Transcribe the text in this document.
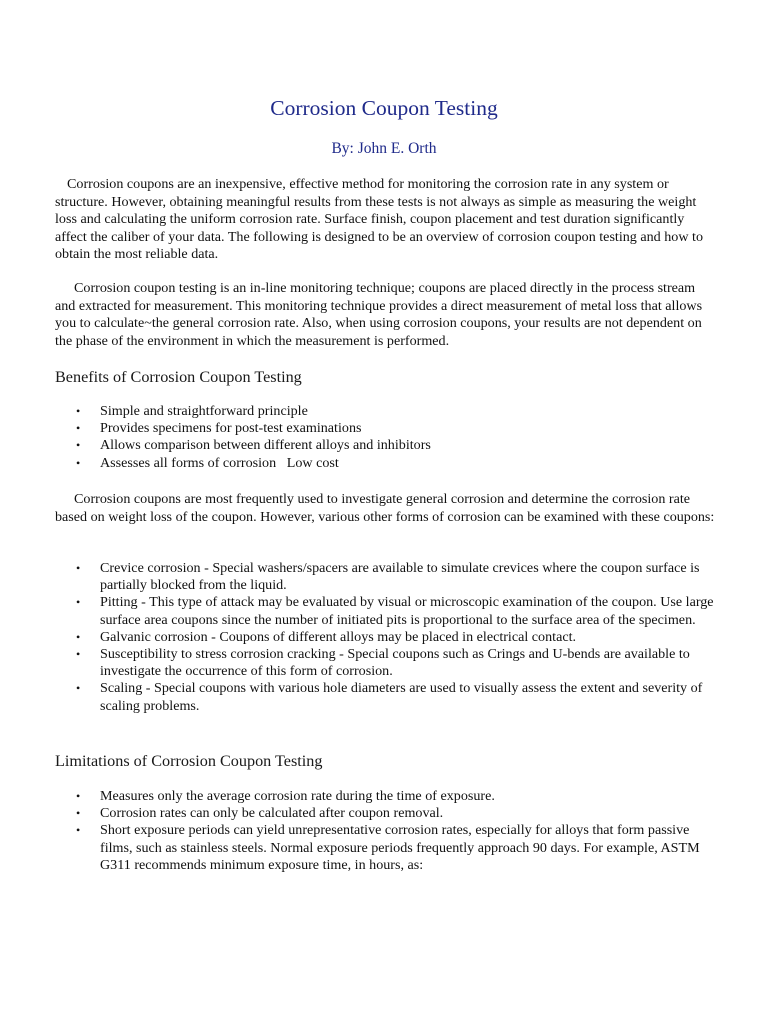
Corrosion Coupon Testing

By: John E. Orth

Corrosion coupons are an inexpensive, effective method for monitoring the corrosion rate in any system or structure. However, obtaining meaningful results from these tests is not always as simple as measuring the weight loss and calculating the uniform corrosion rate. Surface finish, coupon placement and test duration significantly affect the caliber of your data. The following is designed to be an overview of corrosion coupon testing and how to obtain the most reliable data.

Corrosion coupon testing is an in-line monitoring technique; coupons are placed directly in the process stream and extracted for measurement. This monitoring technique provides a direct measurement of metal loss that allows you to calculate~the general corrosion rate. Also, when using corrosion coupons, your results are not dependent on the phase of the environment in which the measurement is performed.

Benefits of Corrosion Coupon Testing
• Simple and straightforward principle
• Provides specimens for post-test examinations
• Allows comparison between different alloys and inhibitors
• Assesses all forms of corrosion   Low cost

Corrosion coupons are most frequently used to investigate general corrosion and determine the corrosion rate based on weight loss of the coupon. However, various other forms of corrosion can be examined with these coupons:

• Crevice corrosion - Special washers/spacers are available to simulate crevices where the coupon surface is partially blocked from the liquid.
• Pitting - This type of attack may be evaluated by visual or microscopic examination of the coupon. Use large surface area coupons since the number of initiated pits is proportional to the surface area of the specimen.
• Galvanic corrosion - Coupons of different alloys may be placed in electrical contact.
• Susceptibility to stress corrosion cracking - Special coupons such as Crings and U-bends are available to investigate the occurrence of this form of corrosion.
• Scaling - Special coupons with various hole diameters are used to visually assess the extent and severity of scaling problems.
Limitations of Corrosion Coupon Testing
• Measures only the average corrosion rate during the time of exposure.
• Corrosion rates can only be calculated after coupon removal.
• Short exposure periods can yield unrepresentative corrosion rates, especially for alloys that form passive films, such as stainless steels. Normal exposure periods frequently approach 90 days. For example, ASTM G311 recommends minimum exposure time, in hours, as:
